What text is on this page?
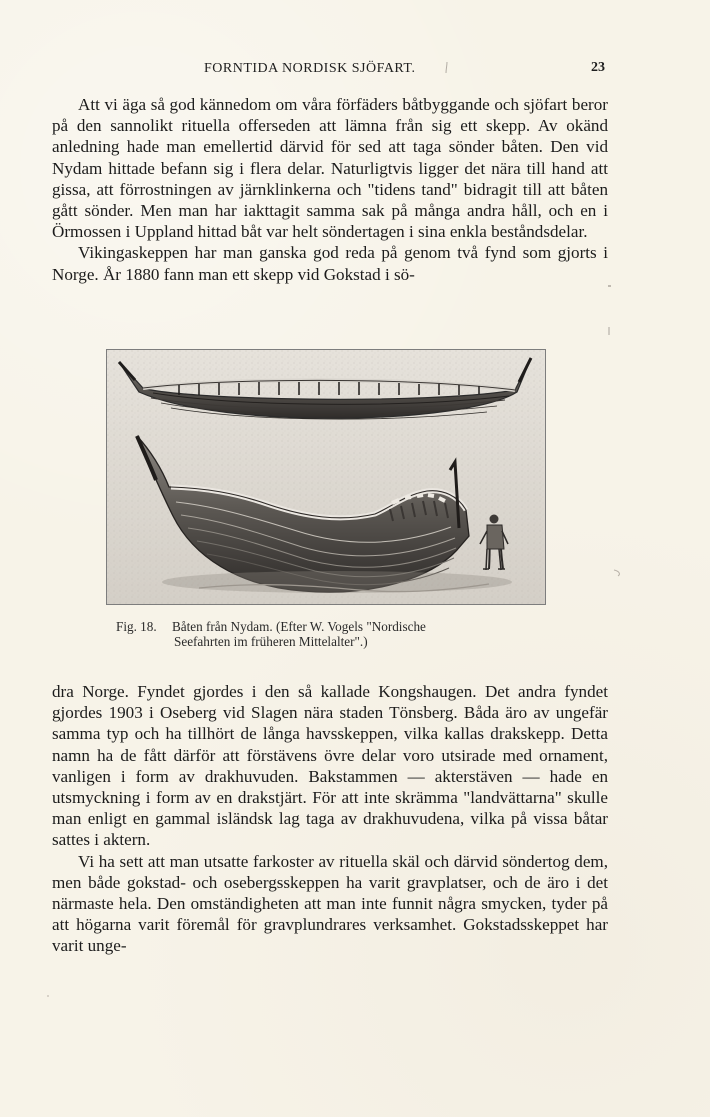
FORNTIDA NORDISK SJÖFART.	23

Att vi äga så god kännedom om våra förfäders båtbyggande och sjöfart beror på den sannolikt rituella offerseden att lämna från sig ett skepp. Av okänd anledning hade man emellertid därvid för sed att taga sönder båten. Den vid Nydam hittade befann sig i flera delar. Naturligtvis ligger det nära till hand att gissa, att förrostningen av järnklinkerna och "tidens tand" bidragit till att båten gått sönder. Men man har iakttagit samma sak på många andra håll, och en i Örmossen i Uppland hittad båt var helt söndertagen i sina enkla beståndsdelar.

Vikingaskeppen har man ganska god reda på genom två fynd som gjorts i Norge. År 1880 fann man ett skepp vid Gokstad i sö-

Fig. 18. Båten från Nydam. (Efter W. Vogels "Nordische
Seefahrten im früheren Mittelalter".)

dra Norge. Fyndet gjordes i den så kallade Kongshaugen. Det andra fyndet gjordes 1903 i Oseberg vid Slagen nära staden Tönsberg. Båda äro av ungefär samma typ och ha tillhört de långa havsskeppen, vilka kallas drakskepp. Detta namn ha de fått därför att förstävens övre delar voro utsirade med ornament, vanligen i form av drakhuvuden. Bakstammen — akterstäven — hade en utsmyckning i form av en drakstjärt. För att inte skrämma "landvättarna" skulle man enligt en gammal isländsk lag taga av drakhuvudena, vilka på vissa båtar sattes i aktern.

Vi ha sett att man utsatte farkoster av rituella skäl och därvid söndertog dem, men både gokstad- och osebergsskeppen ha varit gravplatser, och de äro i det närmaste hela. Den omständigheten att man inte funnit några smycken, tyder på att högarna varit föremål för gravplundrares verksamhet. Gokstadsskeppet har varit unge-
